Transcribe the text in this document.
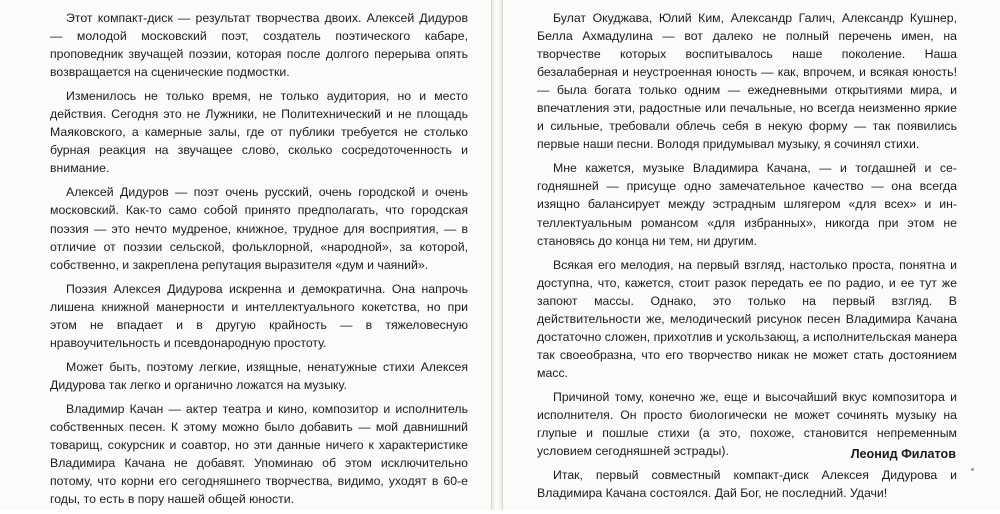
Этот компакт-диск — результат творчества двоих. Алексей Дидуров — молодой московский поэт, создатель поэтического кабаре, проповедник звучащей поэзии, которая после долгого перерыва опять возвращается на сценические подмостки.

Изменилось не только время, не только аудитория, но и место действия. Сегодня это не Лужники, не Политехнический и не площадь Маяковского, а камерные залы, где от публики требуется не столько бурная реакция на звучащее слово, сколько сосредоточенность и внимание.

Алексей Дидуров — поэт очень русский, очень городской и очень московский. Как-то само собой принято предполагать, что городская поэзия — это нечто мудреное, книжное, трудное для восприятия, — в отличие от поэзии сельской, фольклорной, «народной», за которой, собственно, и закреплена репутация выразителя «дум и чаяний».

Поэзия Алексея Дидурова искренна и демократична. Она напрочь лишена книжной манерности и интеллектуального кокетства, но при этом не впадает и в другую крайность — в тяжеловесную нравоучительность и псевдонародную простоту.

Может быть, поэтому легкие, изящные, ненатужные стихи Алексея Дидурова так легко и органично ложатся на музыку.

Владимир Качан — актер театра и кино, композитор и исполнитель собственных песен. К этому можно было добавить — мой давнишний товарищ, сокурсник и соавтор, но эти данные ничего к характеристике Владимира Качана не добавят. Упоминаю об этом исключительно потому, что корни его сегодняшнего творчества, видимо, уходят в 60-е годы, то есть в пору нашей общей юности.

Булат Окуджава, Юлий Ким, Александр Галич, Александр Кушнер, Белла Ахмадулина — вот далеко не полный перечень имен, на творчестве которых воспитывалось наше поколение. Наша безалаберная и неустроенная юность — как, впрочем, и всякая юность! — была богата только одним — ежедневными открытиями мира, и впечатления эти, радостные или печальные, но всегда неизменно яркие и сильные, требовали облечь себя в некую форму — так появились первые наши песни. Володя придумывал музыку, я сочинял стихи.

Мне кажется, музыке Владимира Качана, — и тогдашней и сегодняшней — присуще одно замечательное качество — она всегда изящно балансирует между эстрадным шлягером «для всех» и интеллектуальным романсом «для избранных», никогда при этом не становясь до конца ни тем, ни другим.

Всякая его мелодия, на первый взгляд, настолько проста, понятна и доступна, что, кажется, стоит разок передать ее по радио, и ее тут же запоют массы. Однако, это только на первый взгляд. В действительности же, мелодический рисунок песен Владимира Качана достаточно сложен, прихотлив и ускользающ, а исполнительская манера так своеобразна, что его творчество никак не может стать достоянием масс.

Причиной тому, конечно же, еще и высочайший вкус композитора и исполнителя. Он просто биологически не может сочинять музыку на глупые и пошлые стихи (а это, похоже, становится непременным условием сегодняшней эстрады).

Итак, первый совместный компакт-диск Алексея Дидурова и Владимира Качана состоялся. Дай Бог, не последний. Удачи!

Леонид Филатов
